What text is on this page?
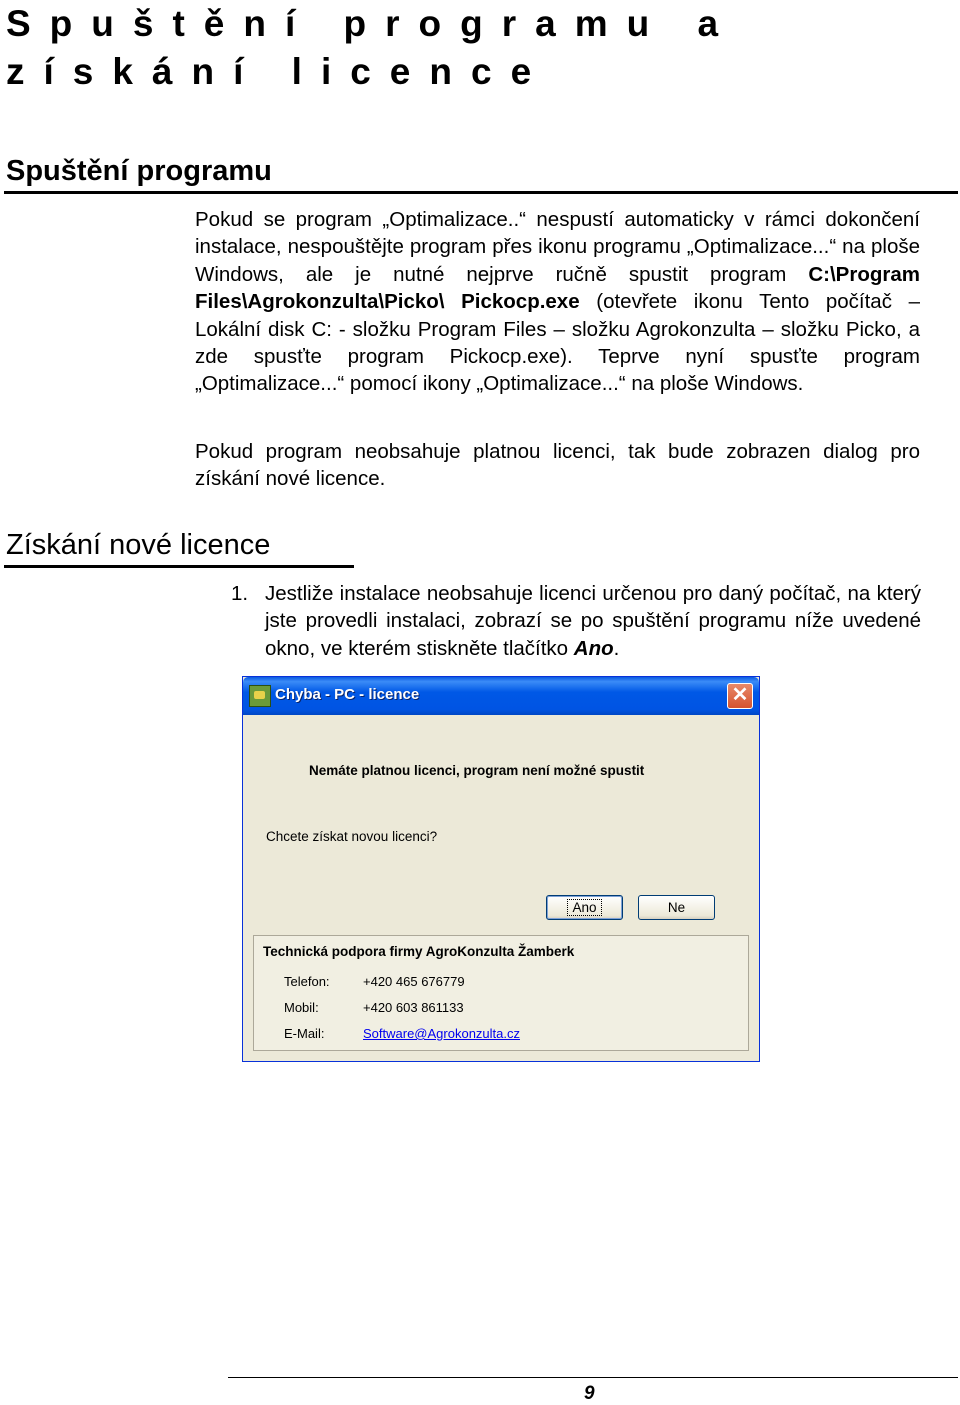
Spuštění programu a
získání licence
Spuštění programu

Pokud se program „Optimalizace..“ nespustí automaticky v rámci dokončení instalace, nespouštějte program přes ikonu programu „Optimalizace...“ na ploše Windows, ale je nutné nejprve ručně spustit program C:\Program Files\Agrokonzulta\Picko\ Pickocp.exe (otevřete ikonu Tento počítač – Lokální disk C: - složku Program Files – složku Agrokonzulta – složku Picko, a zde spusťte program Pickocp.exe). Teprve nyní spusťte program „Optimalizace...“ pomocí ikony „Optimalizace...“ na ploše Windows.

Pokud program neobsahuje platnou licenci, tak bude zobrazen dialog pro získání nové licence.

Získání nové licence
1. Jestliže instalace neobsahuje licenci určenou pro daný počítač, na který jste provedli instalaci, zobrazí se po spuštění programu níže uvedené okno, ve kterém stiskněte tlačítko Ano.
Chyba - PC - licence	✕
Nemáte platnou licenci, program není možné spustit
Chcete získat novou licenci?
Ano	Ne
Technická podpora firmy AgroKonzulta Žamberk
Telefon:	+420 465 676779
Mobil:	+420 603 861133
E-Mail:	Software@Agrokonzulta.cz
9
